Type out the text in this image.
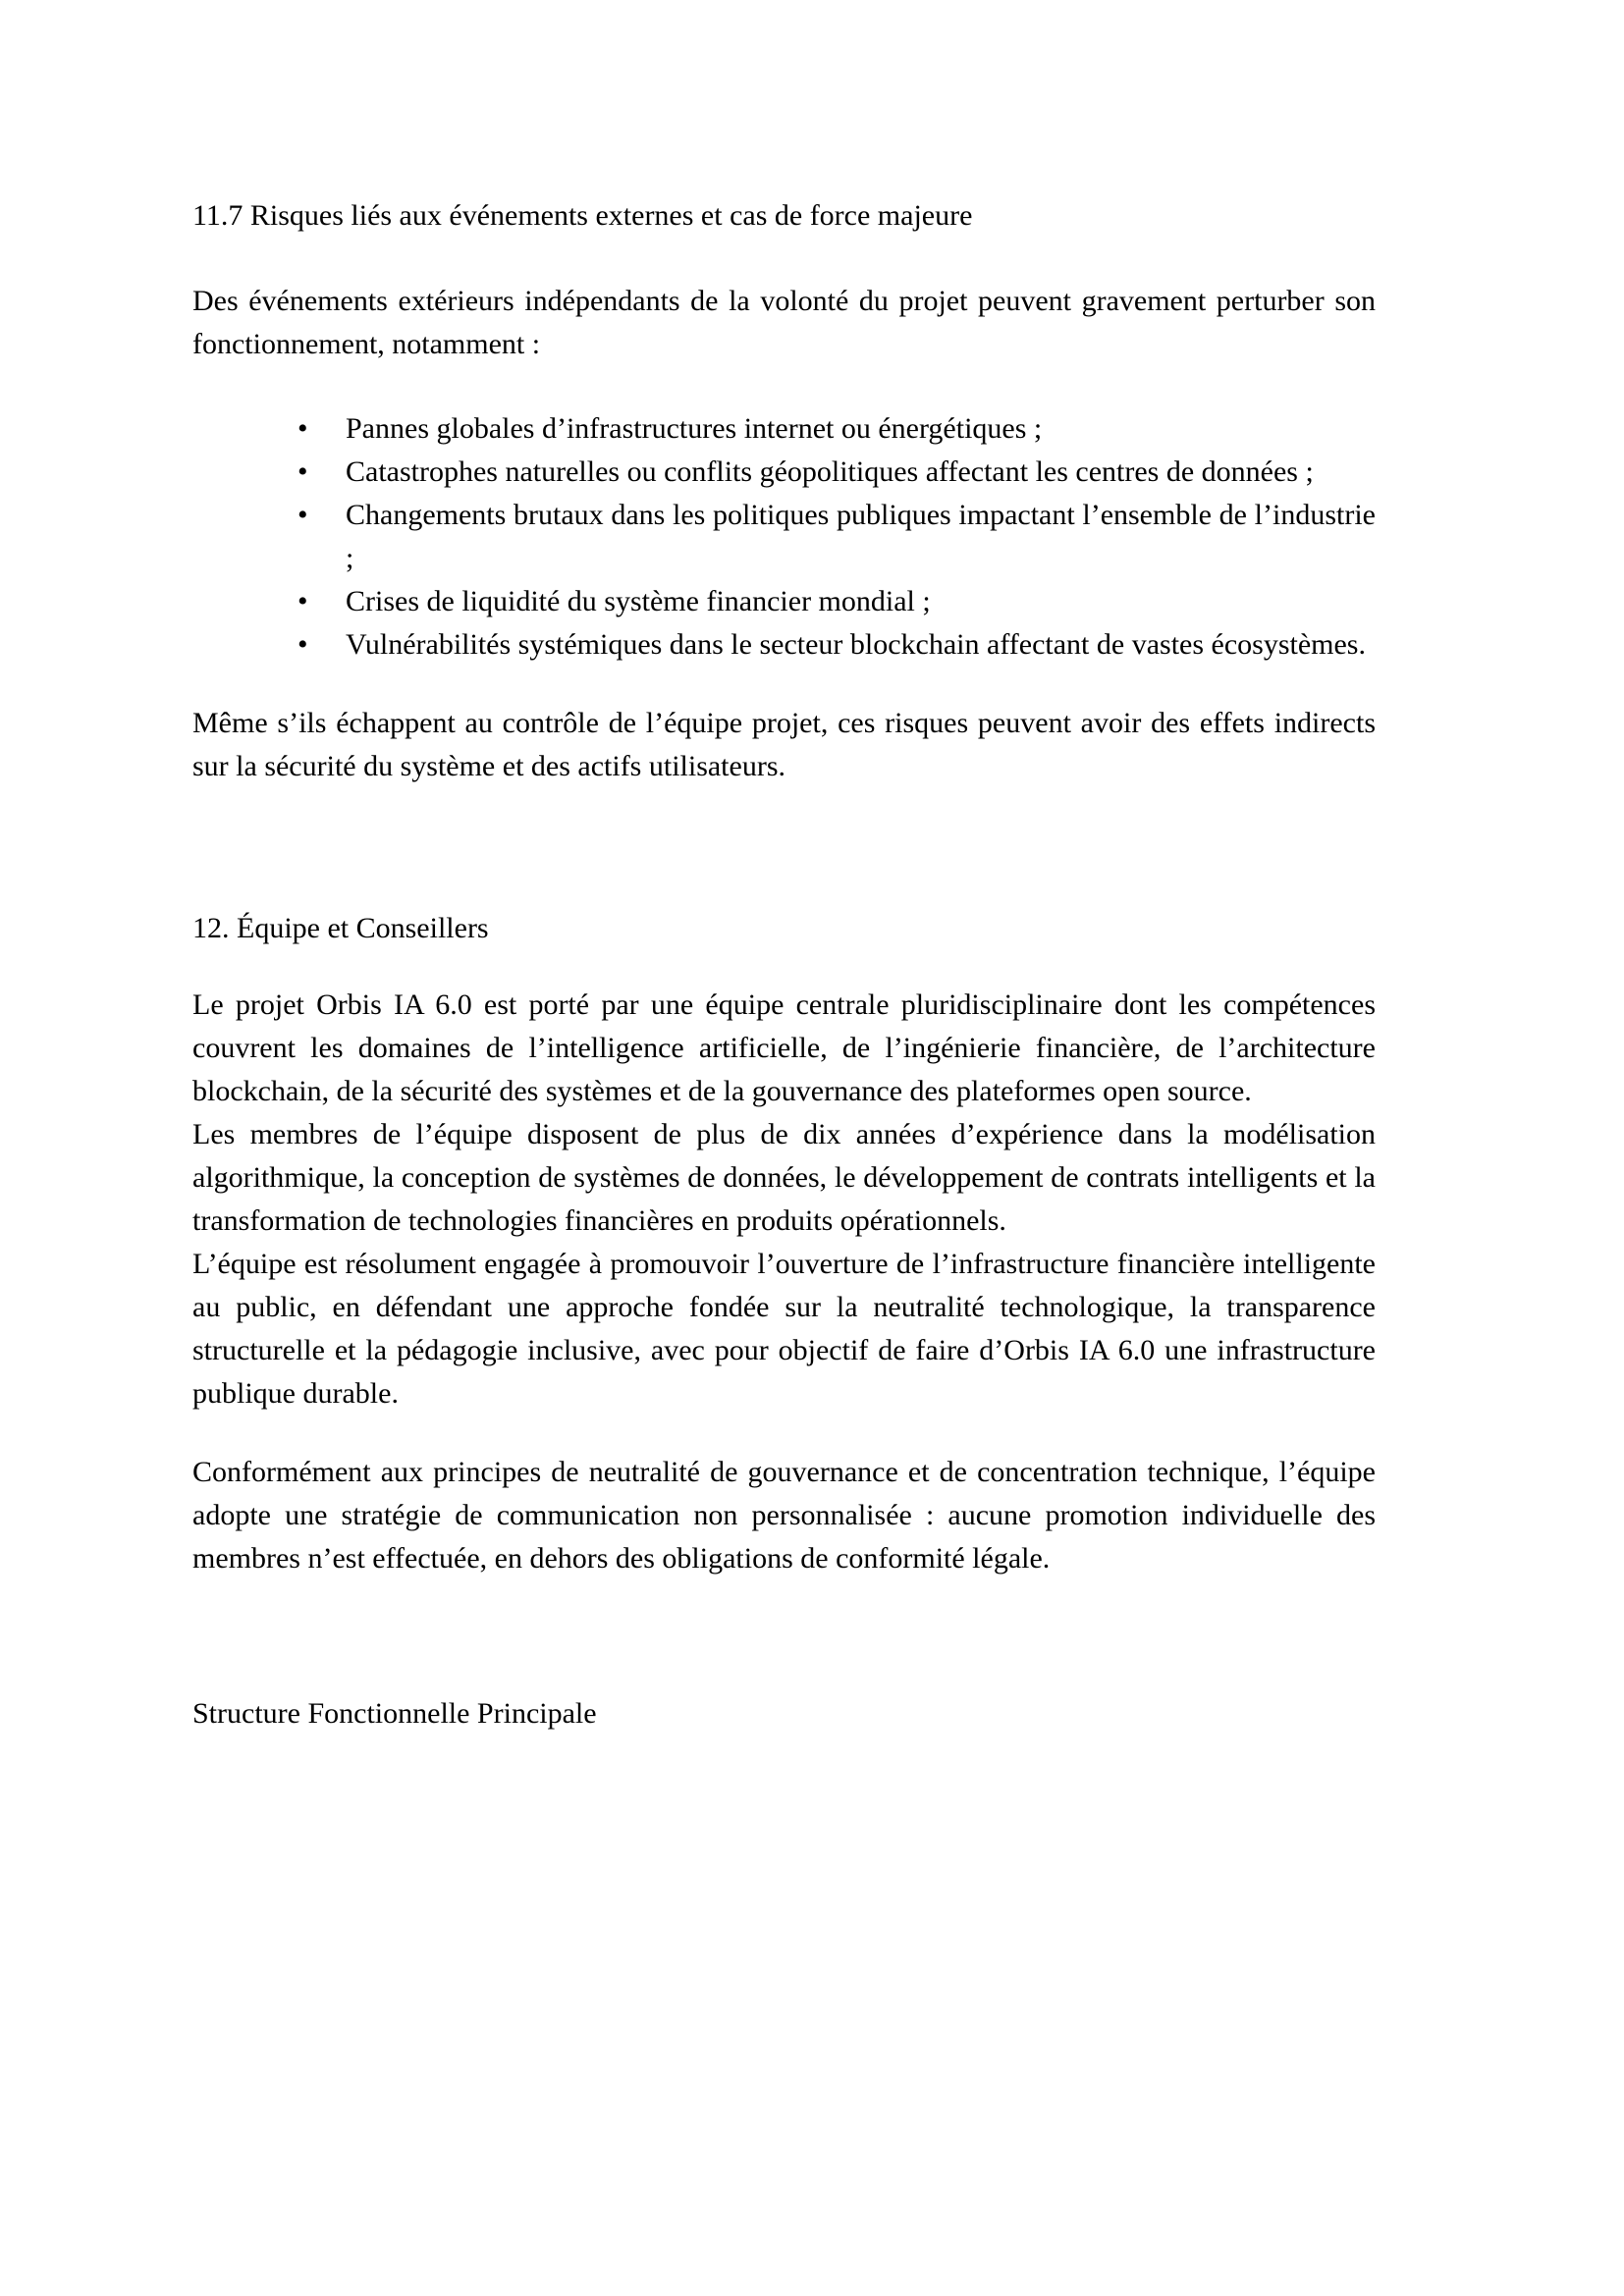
11.7 Risques liés aux événements externes et cas de force majeure

Des événements extérieurs indépendants de la volonté du projet peuvent gravement perturber son fonctionnement, notamment :

• Pannes globales d’infrastructures internet ou énergétiques ;
• Catastrophes naturelles ou conflits géopolitiques affectant les centres de données ;
• Changements brutaux dans les politiques publiques impactant l’ensemble de l’industrie ;
• Crises de liquidité du système financier mondial ;
• Vulnérabilités systémiques dans le secteur blockchain affectant de vastes écosystèmes.

Même s’ils échappent au contrôle de l’équipe projet, ces risques peuvent avoir des effets indirects sur la sécurité du système et des actifs utilisateurs.

12. Équipe et Conseillers

Le projet Orbis IA 6.0 est porté par une équipe centrale pluridisciplinaire dont les compétences couvrent les domaines de l’intelligence artificielle, de l’ingénierie financière, de l’architecture blockchain, de la sécurité des systèmes et de la gouvernance des plateformes open source.

Les membres de l’équipe disposent de plus de dix années d’expérience dans la modélisation algorithmique, la conception de systèmes de données, le développement de contrats intelligents et la transformation de technologies financières en produits opérationnels.

L’équipe est résolument engagée à promouvoir l’ouverture de l’infrastructure financière intelligente au public, en défendant une approche fondée sur la neutralité technologique, la transparence structurelle et la pédagogie inclusive, avec pour objectif de faire d’Orbis IA 6.0 une infrastructure publique durable.

Conformément aux principes de neutralité de gouvernance et de concentration technique, l’équipe adopte une stratégie de communication non personnalisée : aucune promotion individuelle des membres n’est effectuée, en dehors des obligations de conformité légale.

Structure Fonctionnelle Principale
